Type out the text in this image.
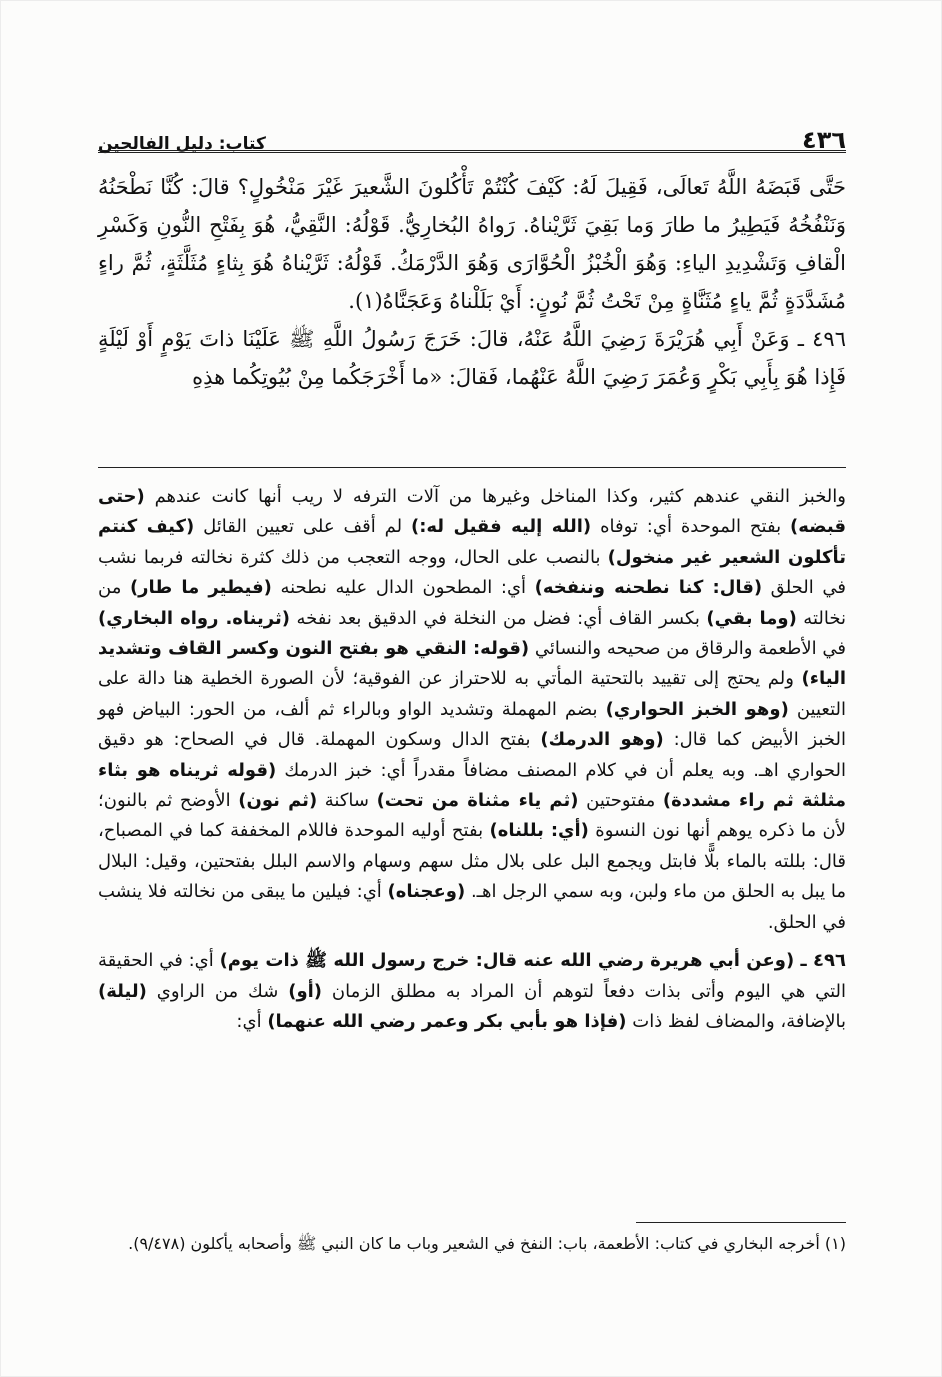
٤٣٦
كتاب: دليل الفالحين

حَتَّى قَبَضَهُ اللَّهُ تَعالَى، فَقِيلَ لَهُ: كَيْفَ كُنْتُمْ تَأْكُلونَ الشَّعيرَ غَيْرَ مَنْخُولٍ؟ قالَ: كُنَّا نَطْحَنُهُ وَنَنْفُخُهُ فَيَطِيرُ ما طارَ وَما بَقِيَ ثَرَّيْناهُ. رَواهُ البُخارِيُّ. قَوْلُهُ: النَّقِيُّ، هُوَ بِفَتْحِ النُّونِ وَكَسْرِ الْقافِ وَتَشْدِيدِ الياءِ: وَهُوَ الْخُبْزُ الْحُوَّارَى وَهُوَ الدَّرْمَكُ. قَوْلُهُ: ثَرَّيْناهُ هُوَ بِثاءٍ مُثَلَّثَةٍ، ثُمَّ راءٍ مُشَدَّدَةٍ ثُمَّ ياءٍ مُثَنَّاةٍ مِنْ تَحْتُ ثُمَّ نُونٍ: أَيْ بَلَلْناهُ وَعَجَنَّاهُ(١).

٤٩٦ ـ وَعَنْ أَبِي هُرَيْرَةَ رَضِيَ اللَّهُ عَنْهُ، قالَ: خَرَجَ رَسُولُ اللَّهِ ﷺ عَلَيْنَا ذاتَ يَوْمٍ أَوْ لَيْلَةٍ فَإِذا هُوَ بِأَبِي بَكْرٍ وَعُمَرَ رَضِيَ اللَّهُ عَنْهُما، فَقالَ: «ما أَخْرَجَكُما مِنْ بُيُوتِكُما هذِهِ

والخبز النقي عندهم كثير، وكذا المناخل وغيرها من آلات الترفه لا ريب أنها كانت عندهم (حتى قبضه) بفتح الموحدة أي: توفاه (الله إليه فقيل له:) لم أقف على تعيين القائل (كيف كنتم تأكلون الشعير غير منخول) بالنصب على الحال، ووجه التعجب من ذلك كثرة نخالته فربما نشب في الحلق (قال: كنا نطحنه وننفخه) أي: المطحون الدال عليه نطحنه (فيطير ما طار) من نخالته (وما بقي) بكسر القاف أي: فضل من النخلة في الدقيق بعد نفخه (ثريناه. رواه البخاري) في الأطعمة والرقاق من صحيحه والنسائي (قوله: النقي هو بفتح النون وكسر القاف وتشديد الياء) ولم يحتج إلى تقييد بالتحتية المأتي به للاحتراز عن الفوقية؛ لأن الصورة الخطية هنا دالة على التعيين (وهو الخبز الحواري) بضم المهملة وتشديد الواو وبالراء ثم ألف، من الحور: البياض فهو الخبز الأبيض كما قال: (وهو الدرمك) بفتح الدال وسكون المهملة. قال في الصحاح: هو دقيق الحواري اهـ. وبه يعلم أن في كلام المصنف مضافاً مقدراً أي: خبز الدرمك (قوله ثريناه هو بثاء مثلثة ثم راء مشددة) مفتوحتين (ثم ياء مثناة من تحت) ساكنة (ثم نون) الأوضح ثم بالنون؛ لأن ما ذكره يوهم أنها نون النسوة (أي: بللناه) بفتح أوليه الموحدة فاللام المخففة كما في المصباح، قال: بللته بالماء بلًّا فابتل ويجمع البل على بلال مثل سهم وسهام والاسم البلل بفتحتين، وقيل: البلال ما يبل به الحلق من ماء ولبن، وبه سمي الرجل اهـ. (وعجناه) أي: فيلين ما يبقى من نخالته فلا ينشب في الحلق.

٤٩٦ ـ (وعن أبي هريرة رضي الله عنه قال: خرج رسول الله ﷺ ذات يوم) أي: في الحقيقة التي هي اليوم وأتى بذات دفعاً لتوهم أن المراد به مطلق الزمان (أو) شك من الراوي (ليلة) بالإضافة، والمضاف لفظ ذات (فإذا هو بأبي بكر وعمر رضي الله عنهما) أي:

(١) أخرجه البخاري في كتاب: الأطعمة، باب: النفخ في الشعير وباب ما كان النبي ﷺ وأصحابه يأكلون (٩/٤٧٨).
